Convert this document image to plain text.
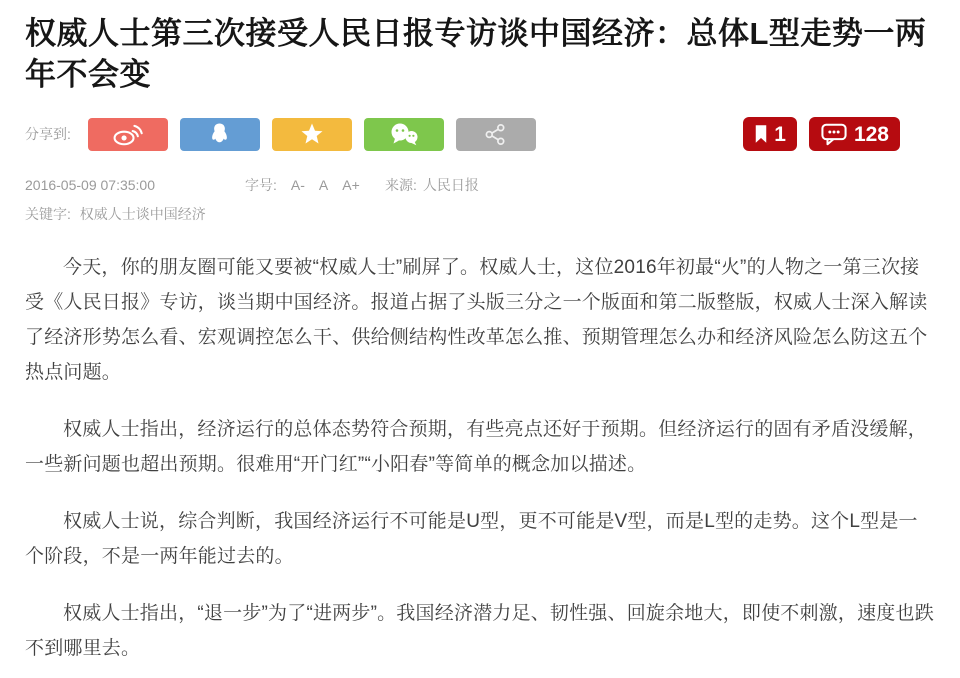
权威人士第三次接受人民日报专访谈中国经济：总体L型走势一两年不会变
分享到:	1	128
2016-05-09 07:35:00	字号: A- A A+ 来源: 人民日报
关键字: 权威人士谈中国经济

今天，你的朋友圈可能又要被“权威人士”刷屏了。权威人士，这位2016年初最“火”的人物之一第三次接受《人民日报》专访，谈当期中国经济。报道占据了头版三分之一个版面和第二版整版，权威人士深入解读了经济形势怎么看、宏观调控怎么干、供给侧结构性改革怎么推、预期管理怎么办和经济风险怎么防这五个热点问题。

权威人士指出，经济运行的总体态势符合预期，有些亮点还好于预期。但经济运行的固有矛盾没缓解，一些新问题也超出预期。很难用“开门红”“小阳春”等简单的概念加以描述。

权威人士说，综合判断，我国经济运行不可能是U型，更不可能是V型，而是L型的走势。这个L型是一个阶段，不是一两年能过去的。

权威人士指出，“退一步”为了“进两步”。我国经济潜力足、韧性强、回旋余地大，即使不刺激，速度也跌不到哪里去。
